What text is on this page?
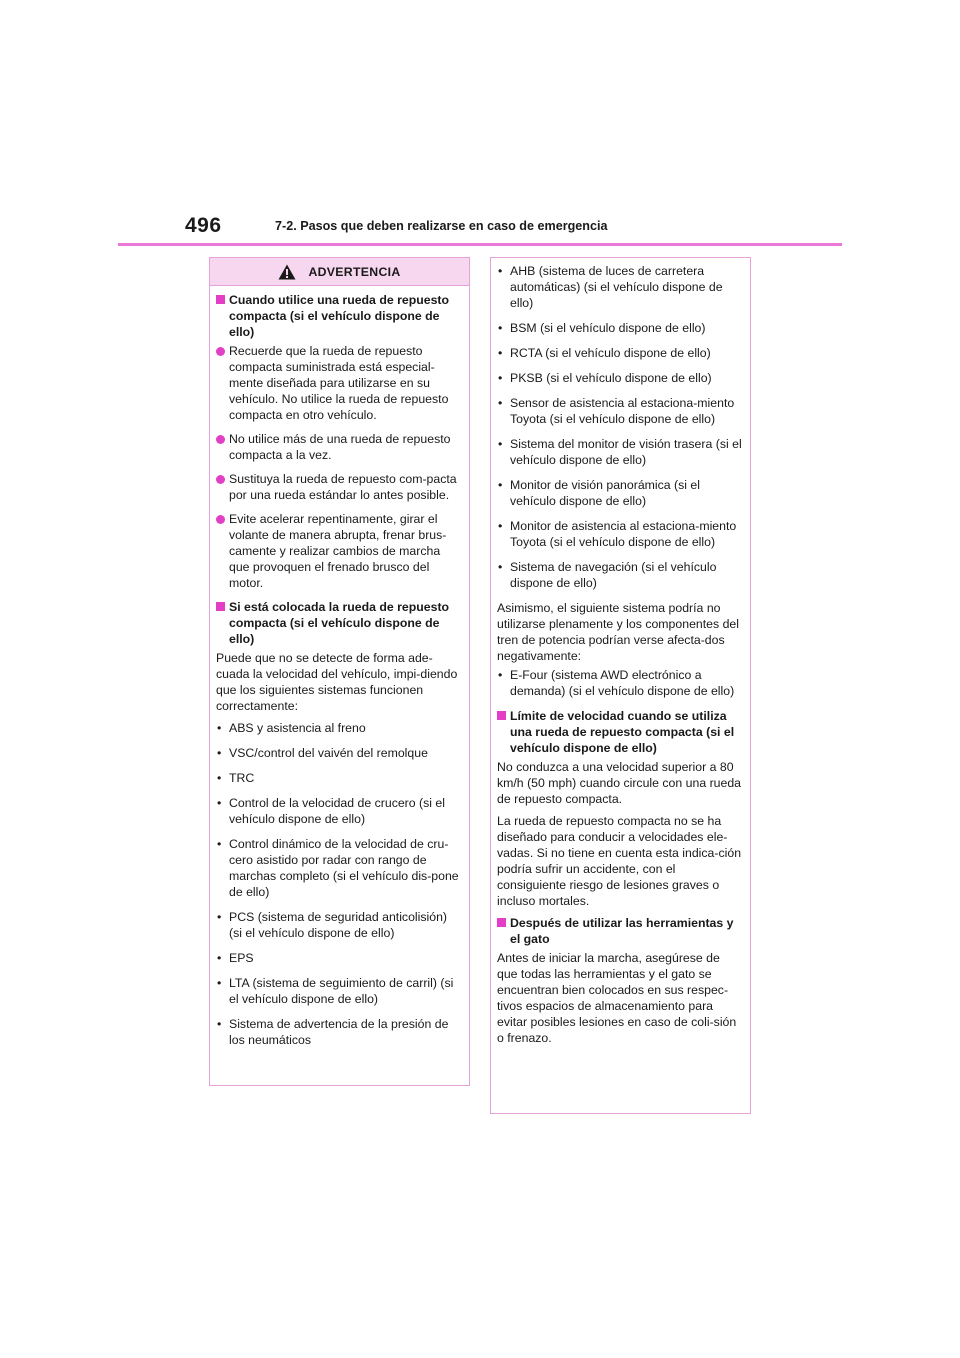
496	7-2. Pasos que deben realizarse en caso de emergencia
ADVERTENCIA
Cuando utilice una rueda de repuesto compacta (si el vehículo dispone de ello)
Recuerde que la rueda de repuesto compacta suministrada está especial-mente diseñada para utilizarse en su vehículo. No utilice la rueda de repuesto compacta en otro vehículo.
No utilice más de una rueda de repuesto compacta a la vez.
Sustituya la rueda de repuesto com-pacta por una rueda estándar lo antes posible.
Evite acelerar repentinamente, girar el volante de manera abrupta, frenar brus-camente y realizar cambios de marcha que provoquen el frenado brusco del motor.
Si está colocada la rueda de repuesto compacta (si el vehículo dispone de ello)

Puede que no se detecte de forma ade-cuada la velocidad del vehículo, impi-diendo que los siguientes sistemas funcionen correctamente:

• ABS y asistencia al freno
• VSC/control del vaivén del remolque
• TRC
• Control de la velocidad de crucero (si el vehículo dispone de ello)
• Control dinámico de la velocidad de cru-cero asistido por radar con rango de marchas completo (si el vehículo dis-pone de ello)
• PCS (sistema de seguridad anticolisión) (si el vehículo dispone de ello)
• EPS
• LTA (sistema de seguimiento de carril) (si el vehículo dispone de ello)
• Sistema de advertencia de la presión de los neumáticos
• AHB (sistema de luces de carretera automáticas) (si el vehículo dispone de ello)
• BSM (si el vehículo dispone de ello)
• RCTA (si el vehículo dispone de ello)
• PKSB (si el vehículo dispone de ello)
• Sensor de asistencia al estaciona-miento Toyota (si el vehículo dispone de ello)
• Sistema del monitor de visión trasera (si el vehículo dispone de ello)
• Monitor de visión panorámica (si el vehículo dispone de ello)
• Monitor de asistencia al estaciona-miento Toyota (si el vehículo dispone de ello)
• Sistema de navegación (si el vehículo dispone de ello)

Asimismo, el siguiente sistema podría no utilizarse plenamente y los componentes del tren de potencia podrían verse afecta-dos negativamente:

• E-Four (sistema AWD electrónico a demanda) (si el vehículo dispone de ello)
Límite de velocidad cuando se utiliza una rueda de repuesto compacta (si el vehículo dispone de ello)

No conduzca a una velocidad superior a 80 km/h (50 mph) cuando circule con una rueda de repuesto compacta.

La rueda de repuesto compacta no se ha diseñado para conducir a velocidades ele-vadas. Si no tiene en cuenta esta indica-ción podría sufrir un accidente, con el consiguiente riesgo de lesiones graves o incluso mortales.

Después de utilizar las herramientas y el gato

Antes de iniciar la marcha, asegúrese de que todas las herramientas y el gato se encuentran bien colocados en sus respec-tivos espacios de almacenamiento para evitar posibles lesiones en caso de coli-sión o frenazo.
